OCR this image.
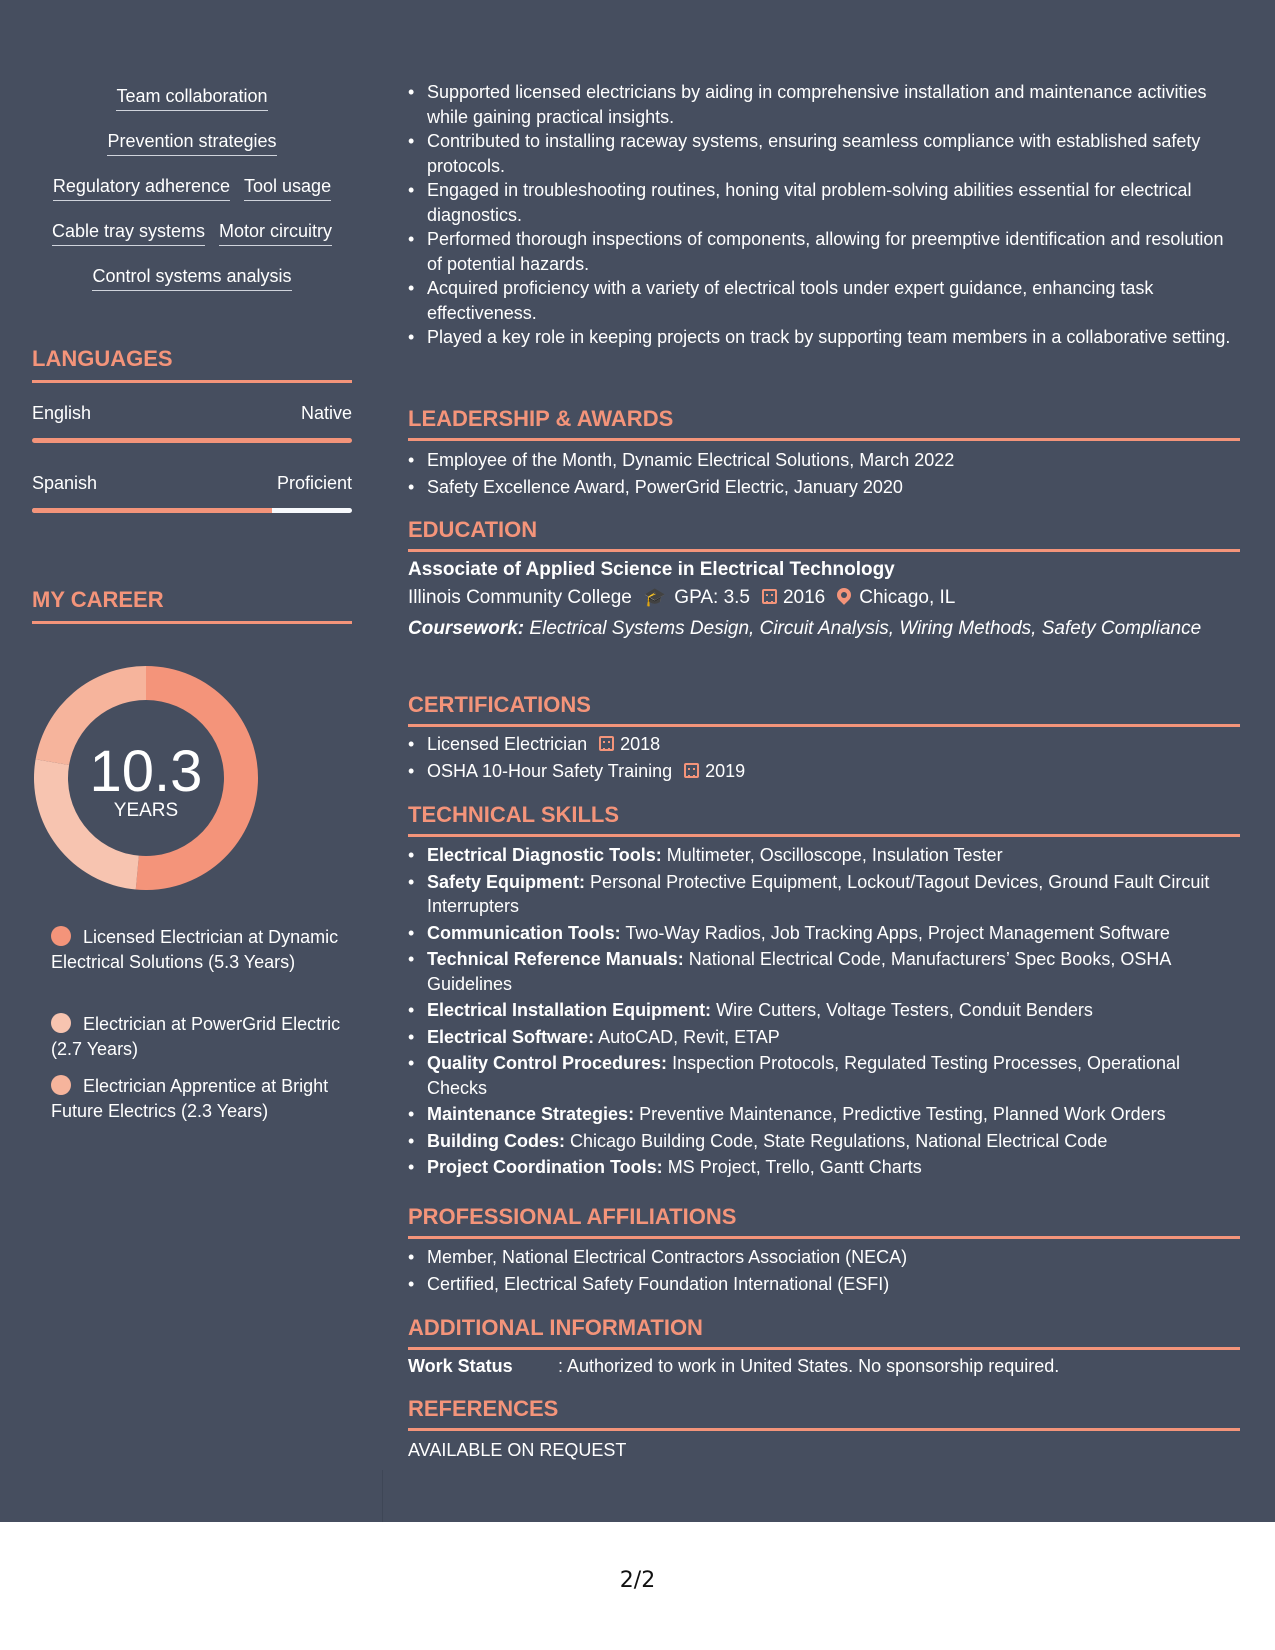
Team collaboration
Prevention strategies
Regulatory adherence Tool usage
Cable tray systems Motor circuitry
Control systems analysis
LANGUAGES
English	Native
Spanish	Proficient
MY CAREER
Licensed Electrician at Dynamic Electrical Solutions (5.3 Years)
Electrician at PowerGrid Electric (2.7 Years)
Electrician Apprentice at Bright Future Electrics (2.3 Years)
10.3
YEARS
• Supported licensed electricians by aiding in comprehensive installation and maintenance activities while gaining practical insights.
• Contributed to installing raceway systems, ensuring seamless compliance with established safety protocols.
• Engaged in troubleshooting routines, honing vital problem-solving abilities essential for electrical diagnostics.
• Performed thorough inspections of components, allowing for preemptive identification and resolution of potential hazards.
• Acquired proficiency with a variety of electrical tools under expert guidance, enhancing task effectiveness.
• Played a key role in keeping projects on track by supporting team members in a collaborative setting.
LEADERSHIP & AWARDS
• Employee of the Month, Dynamic Electrical Solutions, March 2022
• Safety Excellence Award, PowerGrid Electric, January 2020
EDUCATION
Associate of Applied Science in Electrical Technology
Illinois Community College 🎓 GPA: 3.5 2016 Chicago, IL
Coursework: Electrical Systems Design, Circuit Analysis, Wiring Methods, Safety Compliance
CERTIFICATIONS
• Licensed Electrician 2018
• OSHA 10-Hour Safety Training 2019
TECHNICAL SKILLS
• Electrical Diagnostic Tools: Multimeter, Oscilloscope, Insulation Tester
• Safety Equipment: Personal Protective Equipment, Lockout/Tagout Devices, Ground Fault Circuit Interrupters
• Communication Tools: Two-Way Radios, Job Tracking Apps, Project Management Software
• Technical Reference Manuals: National Electrical Code, Manufacturers’ Spec Books, OSHA Guidelines
• Electrical Installation Equipment: Wire Cutters, Voltage Testers, Conduit Benders
• Electrical Software: AutoCAD, Revit, ETAP
• Quality Control Procedures: Inspection Protocols, Regulated Testing Processes, Operational Checks
• Maintenance Strategies: Preventive Maintenance, Predictive Testing, Planned Work Orders
• Building Codes: Chicago Building Code, State Regulations, National Electrical Code
• Project Coordination Tools: MS Project, Trello, Gantt Charts
PROFESSIONAL AFFILIATIONS
• Member, National Electrical Contractors Association (NECA)
• Certified, Electrical Safety Foundation International (ESFI)
ADDITIONAL INFORMATION
Work Status	: Authorized to work in United States. No sponsorship required.
REFERENCES
AVAILABLE ON REQUEST
2/2
